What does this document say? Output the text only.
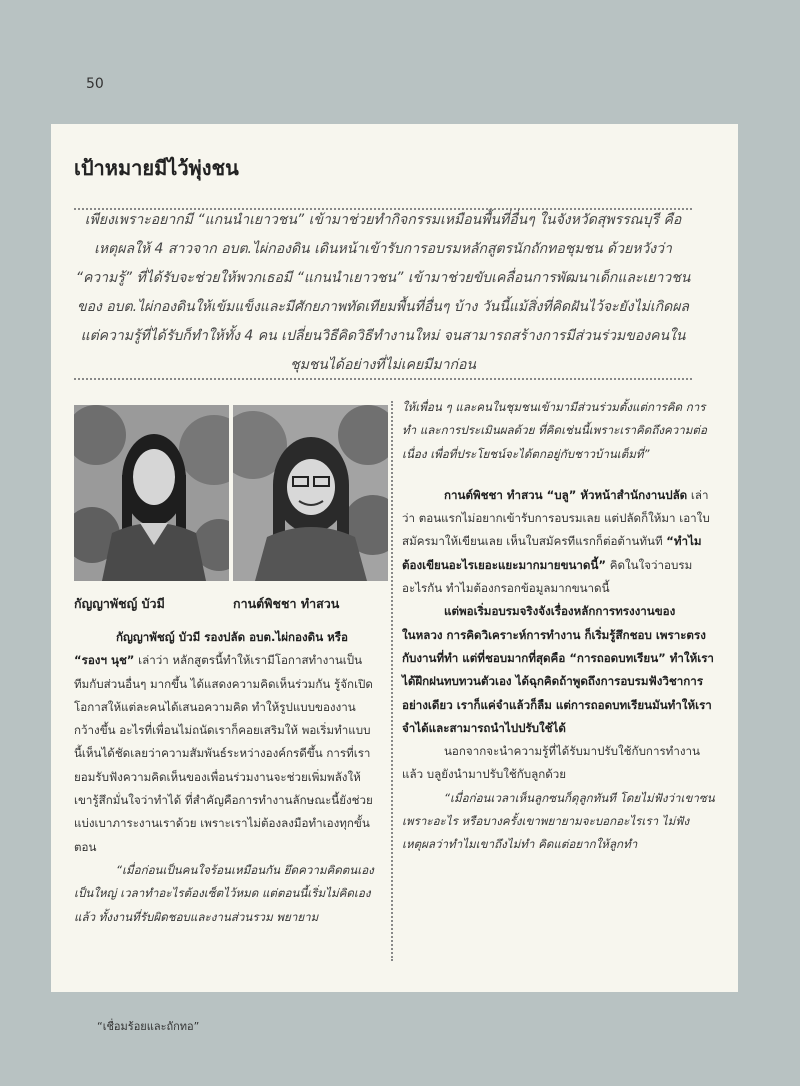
50
เป้าหมายมีไว้พุ่งชน

เพียงเพราะอยากมี “แกนนำเยาวชน” เข้ามาช่วยทำกิจกรรมเหมือนพื้นที่อื่นๆ ในจังหวัดสุพรรณบุรี คือเหตุผลให้ 4 สาวจาก อบต.ไผ่กองดิน เดินหน้าเข้ารับการอบรมหลักสูตรนักถักทอชุมชน ด้วยหวังว่า “ความรู้” ที่ได้รับจะช่วยให้พวกเธอมี “แกนนำเยาวชน” เข้ามาช่วยขับเคลื่อนการพัฒนาเด็กและเยาวชนของ อบต.ไผ่กองดินให้เข้มแข็งและมีศักยภาพทัดเทียมพื้นที่อื่นๆ บ้าง วันนี้แม้สิ่งที่คิดฝันไว้จะยังไม่เกิดผล แต่ความรู้ที่ได้รับก็ทำให้ทั้ง 4 คน เปลี่ยนวิธีคิดวิธีทำงานใหม่ จนสามารถสร้างการมีส่วนร่วมของคนในชุมชนได้อย่างที่ไม่เคยมีมาก่อน

กัญญาพัชญ์ บัวมี	กานต์พิชชา ทำสวน

กัญญาพัชญ์ บัวมี รองปลัด อบต.ไผ่กองดิน หรือ “รองฯ นุช” เล่าว่า หลักสูตรนี้ทำให้เรามีโอกาสทำงานเป็นทีมกับส่วนอื่นๆ มากขึ้น ได้แสดงความคิดเห็นร่วมกัน รู้จักเปิดโอกาสให้แต่ละคนได้เสนอความคิด ทำให้รูปแบบของงานกว้างขึ้น อะไรที่เพื่อนไม่ถนัดเราก็คอยเสริมให้ พอเริ่มทำแบบนี้เห็นได้ชัดเลยว่าความสัมพันธ์ระหว่างองค์กรดีขึ้น การที่เรายอมรับฟังความคิดเห็นของเพื่อนร่วมงานจะช่วยเพิ่มพลังให้เขารู้สึกมั่นใจว่าทำได้ ที่สำคัญคือการทำงานลักษณะนี้ยังช่วยแบ่งเบาภาระงานเราด้วย เพราะเราไม่ต้องลงมือทำเองทุกขั้นตอน

“เมื่อก่อนเป็นคนใจร้อนเหมือนกัน ยึดความคิดตนเองเป็นใหญ่ เวลาทำอะไรต้องเซ็ตไว้หมด แต่ตอนนี้เริ่มไม่คิดเองแล้ว ทั้งงานที่รับผิดชอบและงานส่วนรวม พยายาม

ให้เพื่อน ๆ และคนในชุมชนเข้ามามีส่วนร่วมตั้งแต่การคิด การทำ และการประเมินผลด้วย ที่คิดเช่นนี้เพราะเราคิดถึงความต่อเนื่อง เพื่อที่ประโยชน์จะได้ตกอยู่กับชาวบ้านเต็มที่”

กานต์พิชชา ทำสวน “บลู” หัวหน้าสำนักงานปลัด เล่าว่า ตอนแรกไม่อยากเข้ารับการอบรมเลย แต่ปลัดก็ให้มา เอาใบสมัครมาให้เขียนเลย เห็นใบสมัครทีแรกก็ต่อต้านทันที “ทำไมต้องเขียนอะไรเยอะแยะมากมายขนาดนี้” คิดในใจว่าอบรมอะไรกัน ทำไมต้องกรอกข้อมูลมากขนาดนี้

แต่พอเริ่มอบรมจริงจังเรื่องหลักการทรงงานของในหลวง การคิดวิเคราะห์การทำงาน ก็เริ่มรู้สึกชอบ เพราะตรงกับงานที่ทำ แต่ที่ชอบมากที่สุดคือ “การถอดบทเรียน” ทำให้เราได้ฝึกฝนทบทวนตัวเอง ได้ฉุกคิดถ้าพูดถึงการอบรมฟังวิชาการอย่างเดียว เราก็แค่จำแล้วก็ลืม แต่การถอดบทเรียนมันทำให้เราจำได้และสามารถนำไปปรับใช้ได้

นอกจากจะนำความรู้ที่ได้รับมาปรับใช้กับการทำงานแล้ว บลูยังนำมาปรับใช้กับลูกด้วย

“เมื่อก่อนเวลาเห็นลูกซนก็ดุลูกทันที โดยไม่ฟังว่าเขาซนเพราะอะไร หรือบางครั้งเขาพยายามจะบอกอะไรเรา ไม่ฟังเหตุผลว่าทำไมเขาถึงไม่ทำ คิดแต่อยากให้ลูกทำ

“เชื่อมร้อยและถักทอ”
